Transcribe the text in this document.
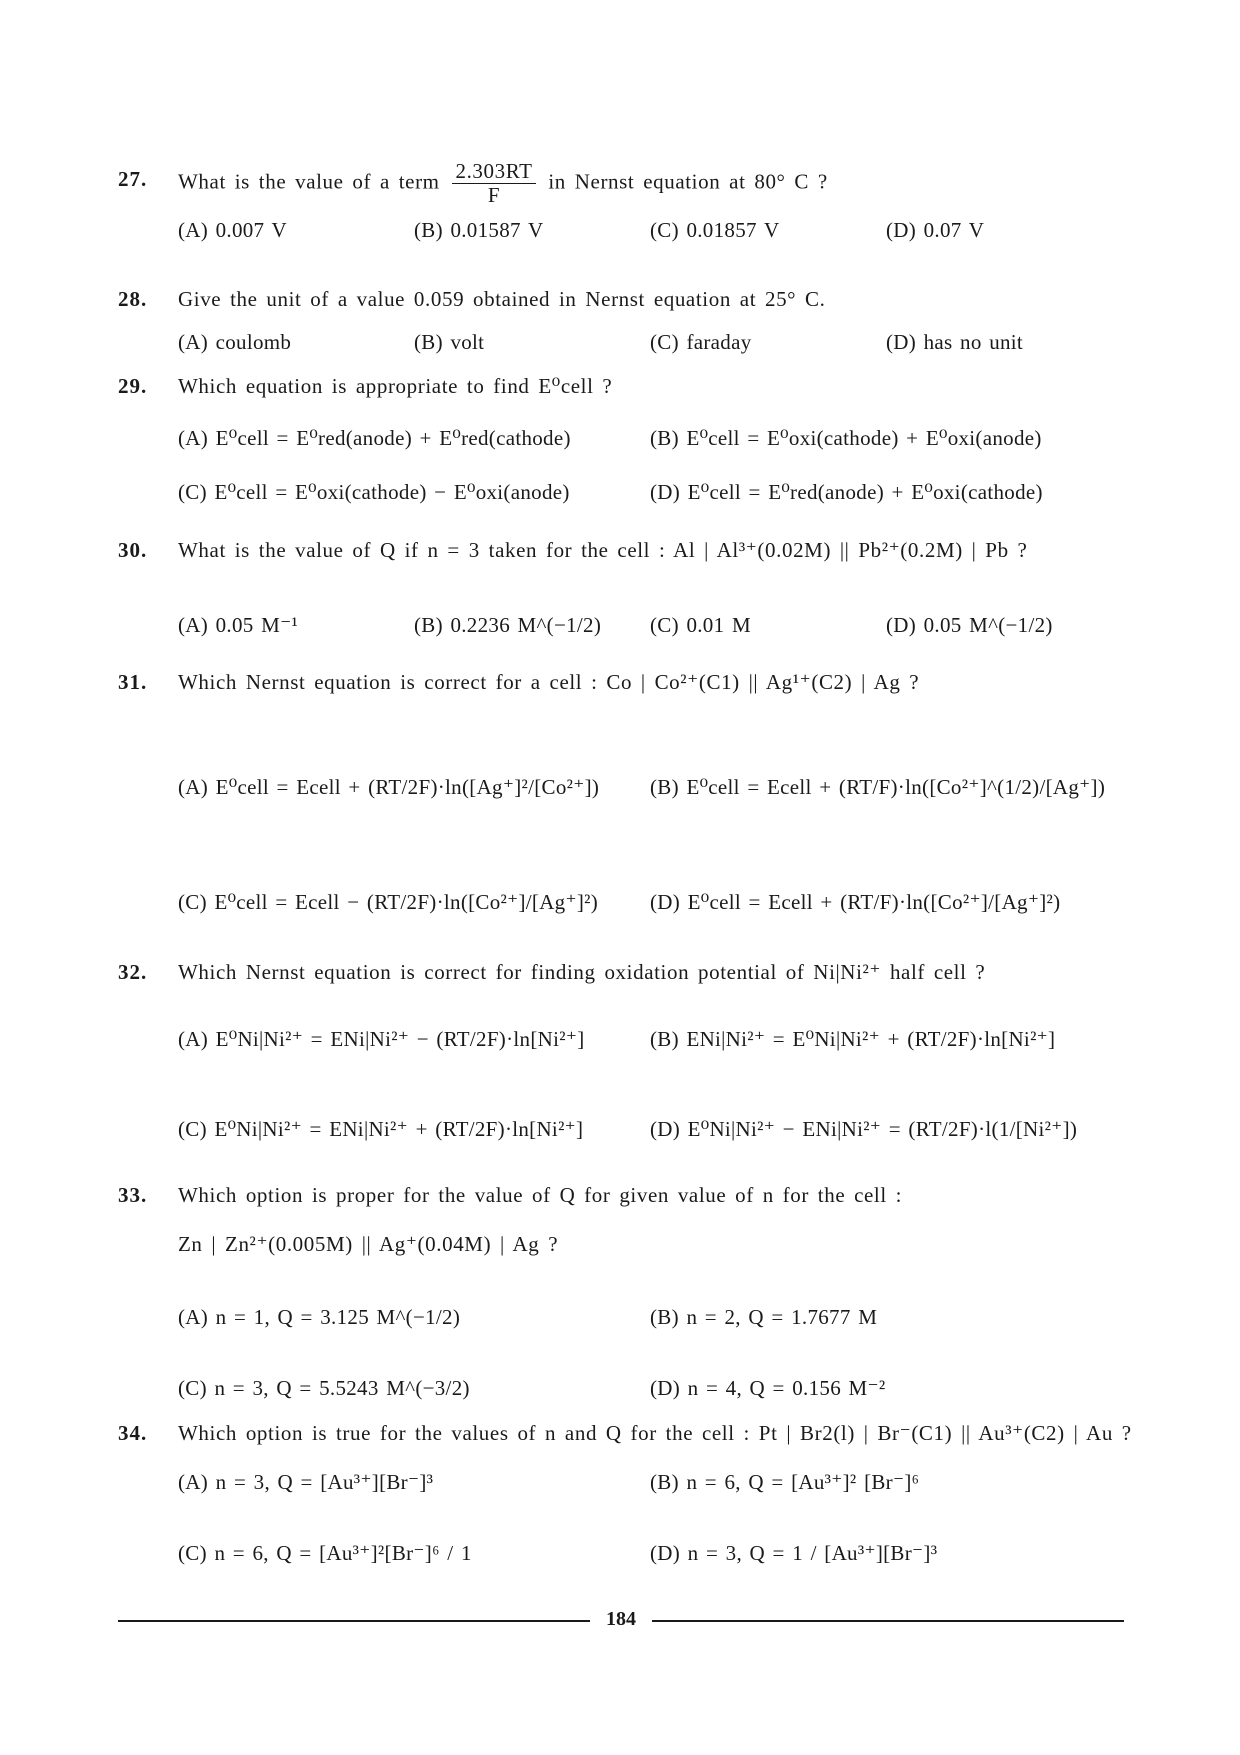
27. What is the value of a term $\frac{2.303RT}{F}$ in Nernst equation at 80° C ?
(A) 0.007 V	(B) 0.01587 V	(C) 0.01857 V	(D) 0.07 V
28. Give the unit of a value 0.059 obtained in Nernst equation at 25° C.
(A) coulomb	(B) volt	(C) faraday	(D) has no unit
29. Which equation is appropriate to find E⁰cell ?
(A) E⁰cell = E⁰red(anode) + E⁰red(cathode)	(B) E⁰cell = E⁰oxi(cathode) + E⁰oxi(anode)
(C) E⁰cell = E⁰oxi(cathode) − E⁰oxi(anode)	(D) E⁰cell = E⁰red(anode) + E⁰oxi(cathode)
30. What is the value of Q if n = 3 taken for the cell : Al | Al³⁺(0.02M) || Pb²⁺(0.2M) | Pb ?
(A) 0.05 M⁻¹	(B) 0.2236 M^(−1/2) (C) 0.01 M	(D) 0.05 M^(−1/2)
31. Which Nernst equation is correct for a cell : Co | Co²⁺(C1) || Ag¹⁺(C2) | Ag ?
(A) E⁰cell = Ecell + (RT/2F)·ln([Ag⁺]²/[Co²⁺]) (B) E⁰cell = Ecell + (RT/F)·ln([Co²⁺]^(1/2)/[Ag⁺])
(C) E⁰cell = Ecell − (RT/2F)·ln([Co²⁺]/[Ag⁺]²) (D) E⁰cell = Ecell + (RT/F)·ln([Co²⁺]/[Ag⁺]²)
32. Which Nernst equation is correct for finding oxidation potential of Ni|Ni²⁺ half cell ?
(A) E⁰Ni|Ni²⁺ = ENi|Ni²⁺ − (RT/2F)·ln[Ni²⁺]	(B) ENi|Ni²⁺ = E⁰Ni|Ni²⁺ + (RT/2F)·ln[Ni²⁺]
(C) E⁰Ni|Ni²⁺ = ENi|Ni²⁺ + (RT/2F)·ln[Ni²⁺]	(D) E⁰Ni|Ni²⁺ − ENi|Ni²⁺ = (RT/2F)·l(1/[Ni²⁺])
33. Which option is proper for the value of Q for given value of n for the cell :
Zn | Zn²⁺(0.005M) || Ag⁺(0.04M) | Ag ?
(A) n = 1, Q = 3.125 M^(−1/2)	(B) n = 2, Q = 1.7677 M
(C) n = 3, Q = 5.5243 M^(−3/2)	(D) n = 4, Q = 0.156 M⁻²
34. Which option is true for the values of n and Q for the cell : Pt | Br2(l) | Br⁻(C1) || Au³⁺(C2) | Au ?
(A) n = 3, Q = [Au³⁺][Br⁻]³	(B) n = 6, Q = [Au³⁺]² [Br⁻]⁶
(C) n = 6, Q = [Au³⁺]²[Br⁻]⁶ / 1	(D) n = 3, Q = 1 / [Au³⁺][Br⁻]³
184
